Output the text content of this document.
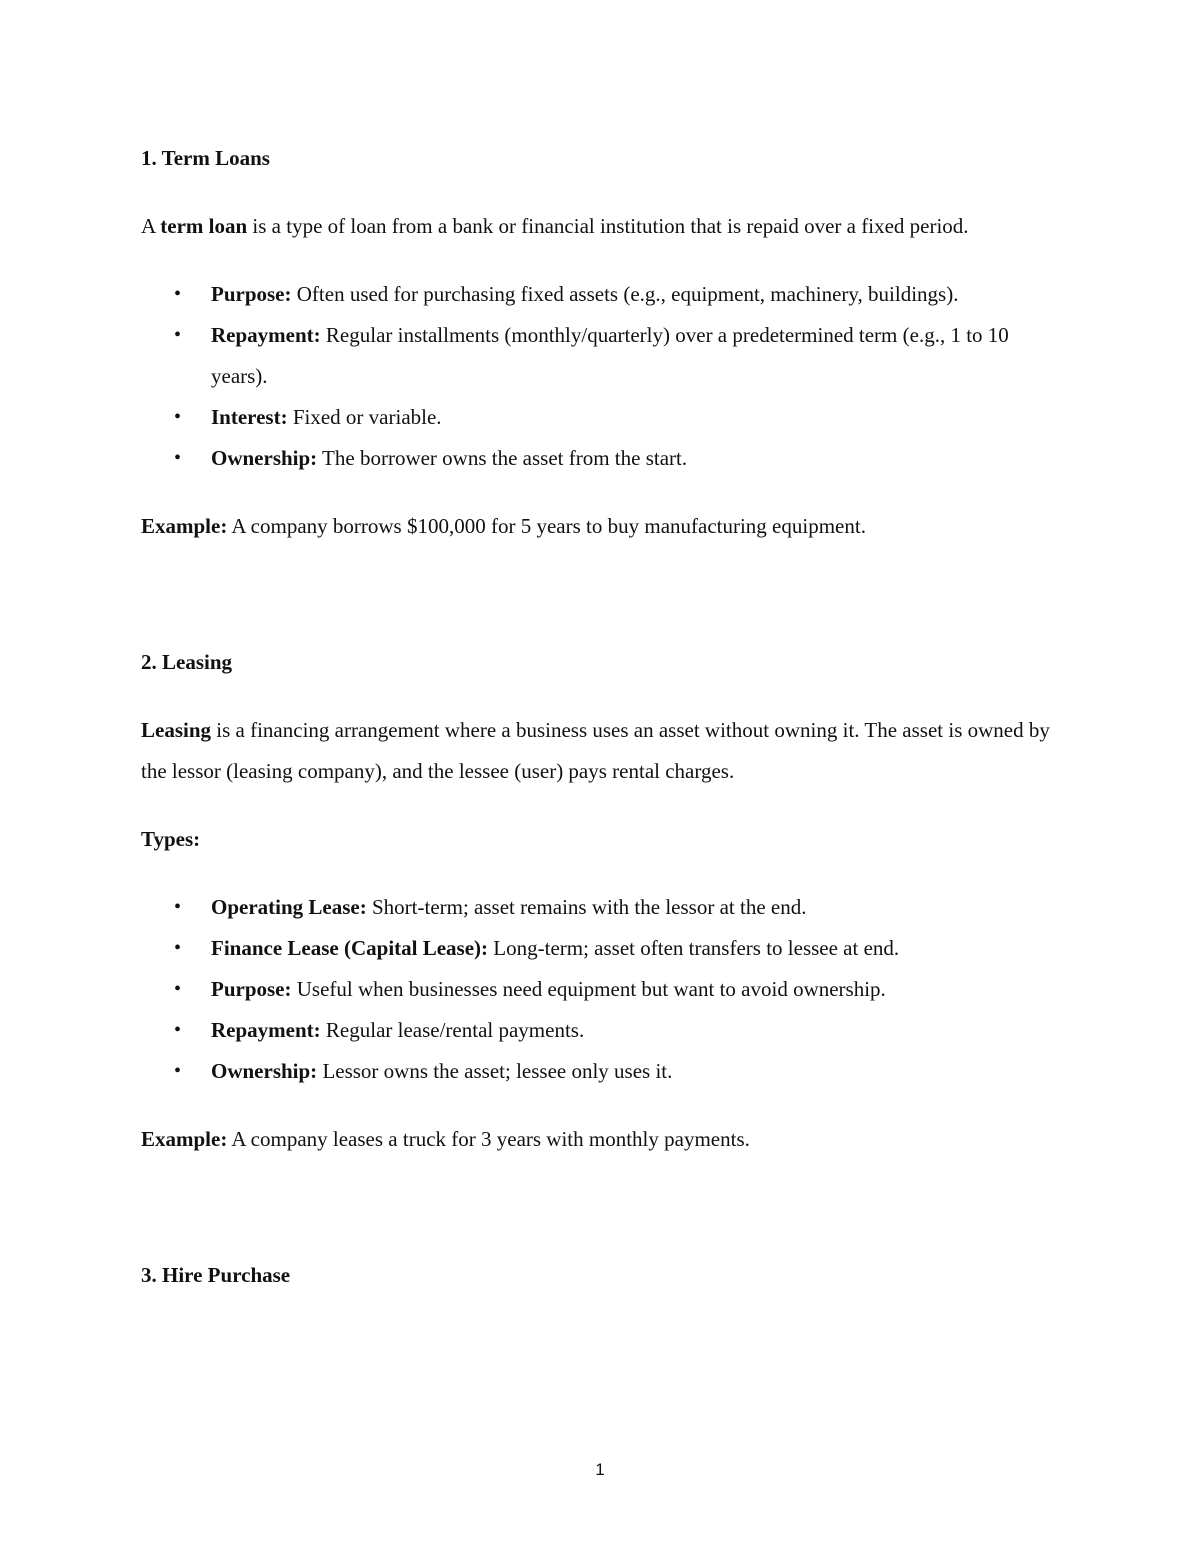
1. Term Loans

A term loan is a type of loan from a bank or financial institution that is repaid over a fixed period.

• Purpose: Often used for purchasing fixed assets (e.g., equipment, machinery, buildings).
• Repayment: Regular installments (monthly/quarterly) over a predetermined term (e.g., 1 to 10 years).
• Interest: Fixed or variable.
• Ownership: The borrower owns the asset from the start.

Example: A company borrows $100,000 for 5 years to buy manufacturing equipment.

2. Leasing

Leasing is a financing arrangement where a business uses an asset without owning it. The asset is owned by the lessor (leasing company), and the lessee (user) pays rental charges.

Types:

• Operating Lease: Short-term; asset remains with the lessor at the end.
• Finance Lease (Capital Lease): Long-term; asset often transfers to lessee at end.
• Purpose: Useful when businesses need equipment but want to avoid ownership.
• Repayment: Regular lease/rental payments.
• Ownership: Lessor owns the asset; lessee only uses it.

Example: A company leases a truck for 3 years with monthly payments.

3. Hire Purchase
1
